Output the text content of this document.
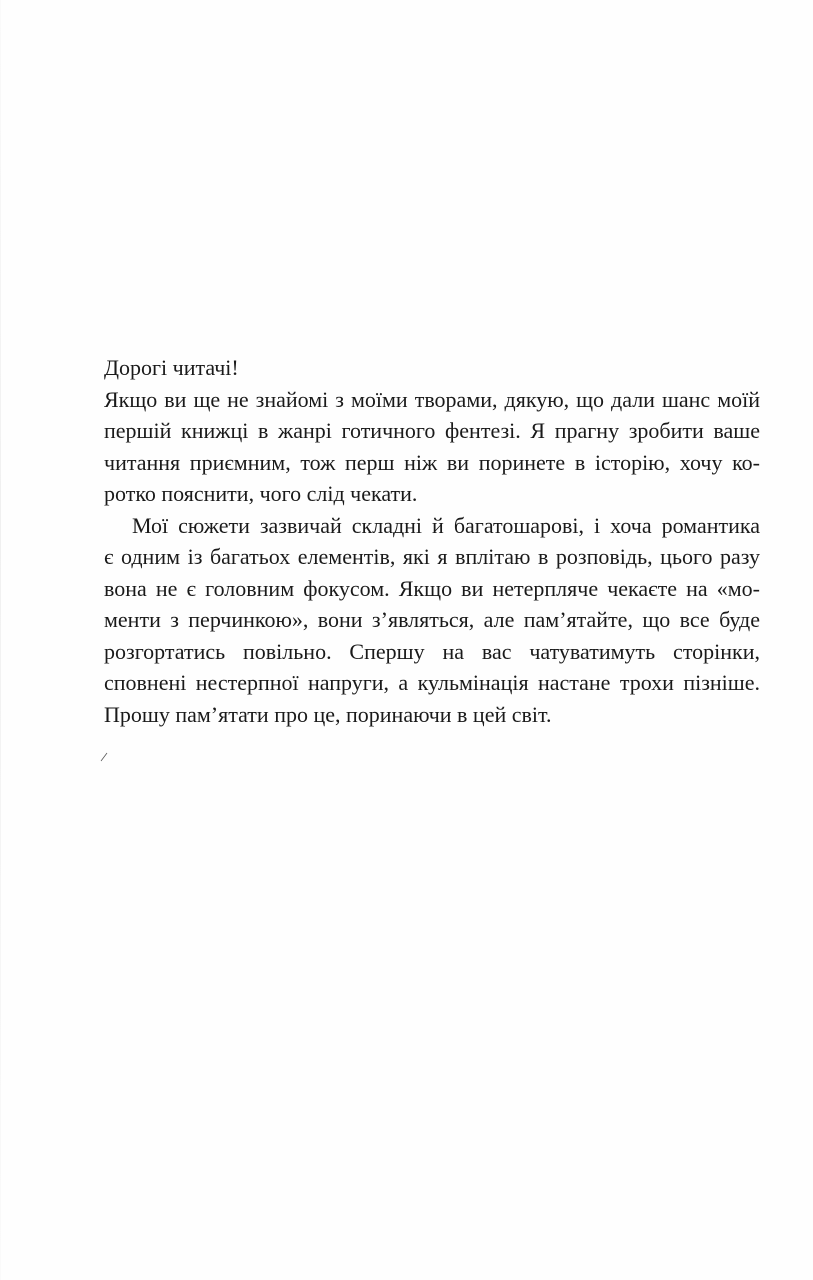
Дорогі читачі!
Якщо ви ще не знайомі з моїми творами, дякую, що дали шанс моїй
першій книжці в жанрі готичного фентезі. Я прагну зробити ваше
читання приємним, тож перш ніж ви поринете в історію, хочу ко-
ротко пояснити, чого слід чекати.
Мої сюжети зазвичай складні й багатошарові, і хоча романтика
є одним із багатьох елементів, які я вплітаю в розповідь, цього разу
вона не є головним фокусом. Якщо ви нетерпляче чекаєте на «мо-
менти з перчинкою», вони з’являться, але пам’ятайте, що все буде
розгортатись повільно. Спершу на вас чатуватимуть сторінки,
сповнені нестерпної напруги, а кульмінація настане трохи пізніше.
Прошу пам’ятати про це, поринаючи в цей світ.
